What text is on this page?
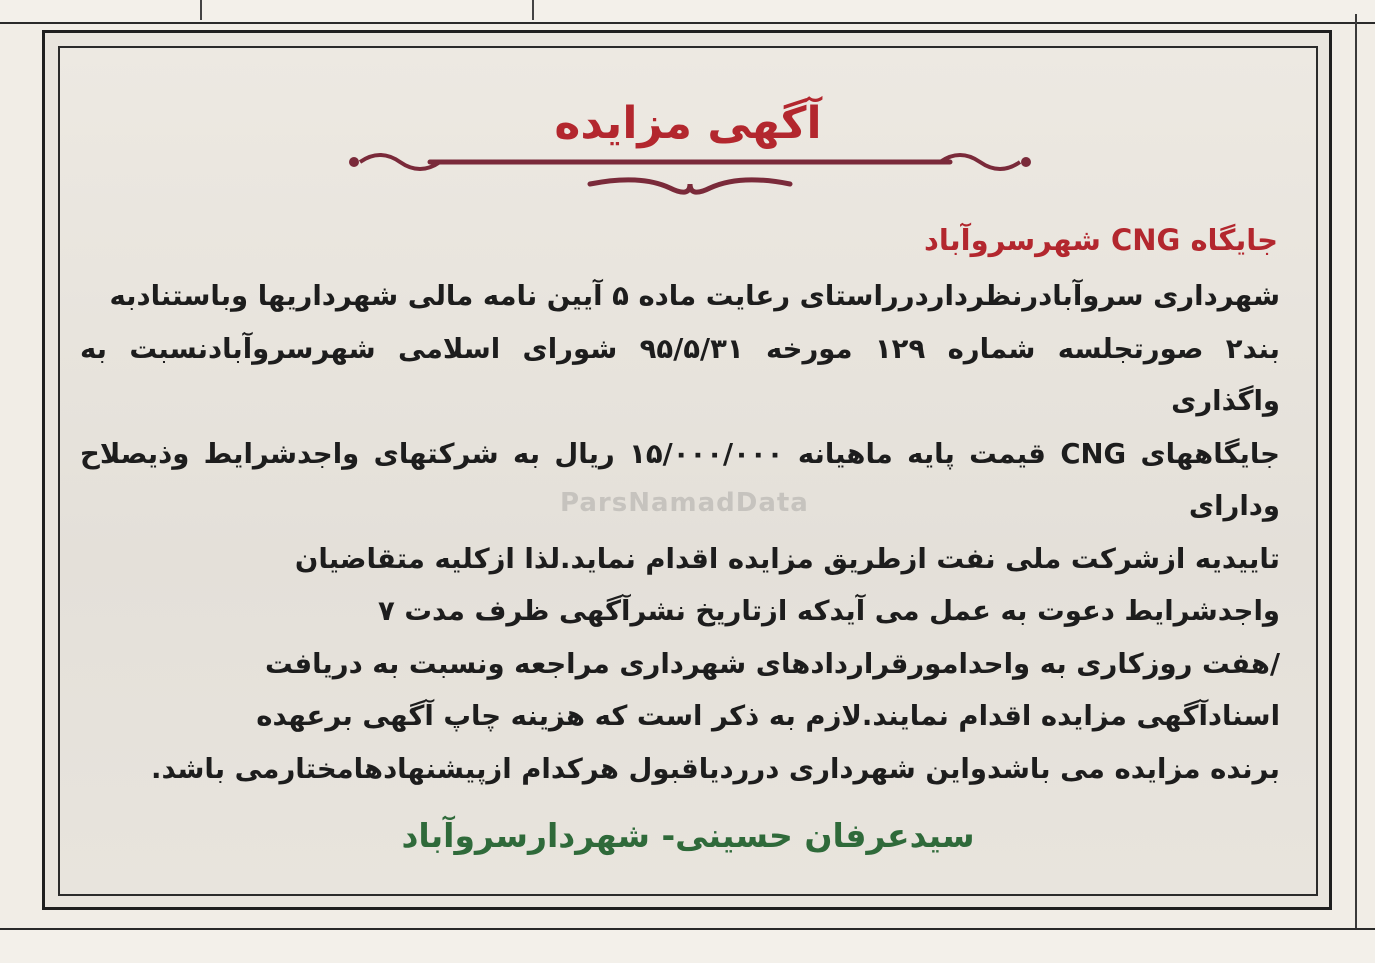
آگهی مزایده
ParsNamadData
جایگاه CNG شهرسروآباد
شهرداری سروآبادرنظرداردرراستای رعایت ماده ۵ آیین نامه مالی شهرداریها وباستنادبه
بند۲ صورتجلسه شماره ۱۲۹ مورخه ۹۵/۵/۳۱ شورای اسلامی شهرسروآبادنسبت به واگذاری
جایگاههای CNG قیمت پایه ماهیانه ۱۵/۰۰۰/۰۰۰ ریال به شرکتهای واجدشرایط وذیصلاح ودارای
تاییدیه ازشرکت ملی نفت ازطریق مزایده اقدام نماید.لذا ازکلیه متقاضیان
واجدشرایط دعوت به عمل می آیدکه ازتاریخ نشرآگهی ظرف مدت ۷
/هفت روزکاری به واحدامورقراردادهای شهرداری مراجعه ونسبت به دریافت
اسنادآگهی مزایده اقدام نمایند.لازم به ذکر است که هزینه چاپ آگهی برعهده
برنده مزایده می باشدواین شهرداری درردیاقبول هرکدام ازپیشنهادهامختارمی باشد.
سیدعرفان حسینی- شهردارسروآباد
